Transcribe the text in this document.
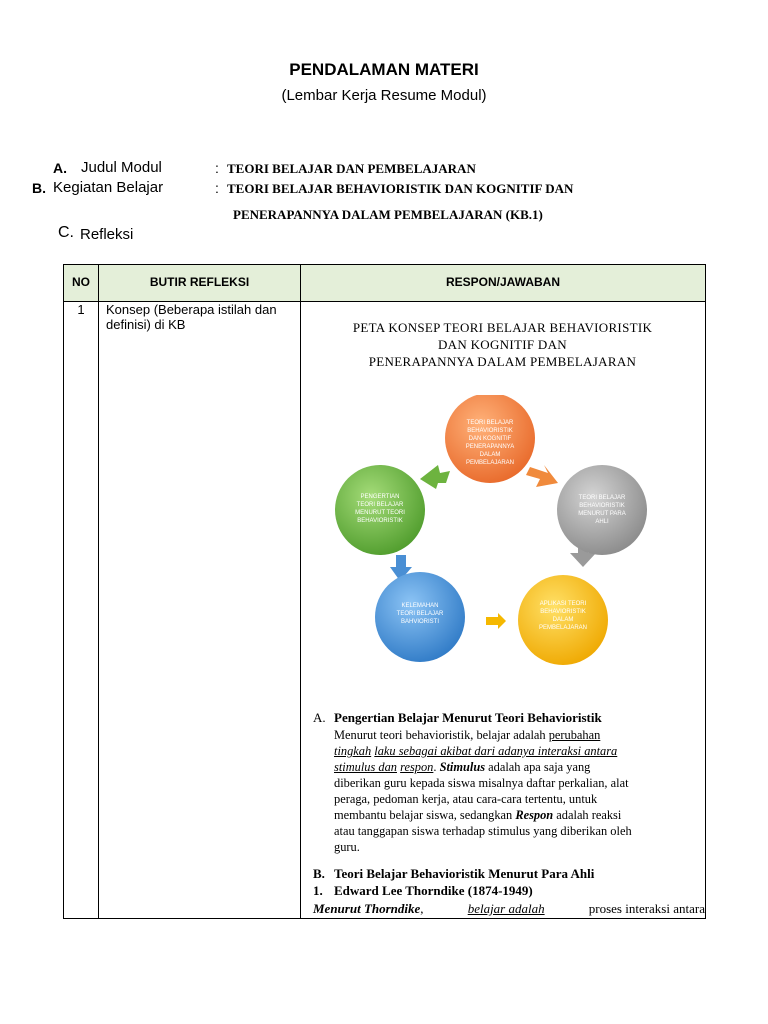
PENDALAMAN MATERI
(Lembar Kerja Resume Modul)
A. Judul Modul	: TEORI BELAJAR DAN PEMBELAJARAN
B. Kegiatan Belajar	: TEORI BELAJAR BEHAVIORISTIK DAN KOGNITIF DAN
PENERAPANNYA DALAM PEMBELAJARAN (KB.1)
C. Refleksi
NO	BUTIR REFLEKSI	RESPON/JAWABAN
1	Konsep (Beberapa istilah dan definisi) di KB	PETA KONSEP TEORI BELAJAR BEHAVIORISTIK
DAN KOGNITIF DAN
PENERAPANNYA DALAM PEMBELAJARAN
TEORI BELAJAR
BEHAVIORISTIK
DAN KOGNITIF
PENERAPANNYA
DALAM
PEMBELAJARAN
TEORI BELAJAR
BEHAVIORISTIK
MENURUT PARA
AHLI
APLIKASI TEORI
BEHAVIORISTIK
DALAM
PEMBELAJARAN
KELEMAHAN
TEORI BELAJAR
BAHVIORISTI
PENGERTIAN
TEORI BELAJAR
MENURUT TEORI
BEHAVIORISTIK
A. Pengertian Belajar Menurut Teori Behavioristik
Menurut teori behavioristik, belajar adalah perubahan
tingkah laku sebagai akibat dari adanya interaksi antara
stimulus dan respon. Stimulus adalah apa saja yang
diberikan guru kepada siswa misalnya daftar perkalian, alat
peraga, pedoman kerja, atau cara-cara tertentu, untuk
membantu belajar siswa, sedangkan Respon adalah reaksi
atau tanggapan siswa terhadap stimulus yang diberikan oleh
guru.
B. Teori Belajar Behavioristik Menurut Para Ahli
1. Edward Lee Thorndike (1874-1949)
Menurut Thorndike,	belajar adalah	proses interaksi antara
